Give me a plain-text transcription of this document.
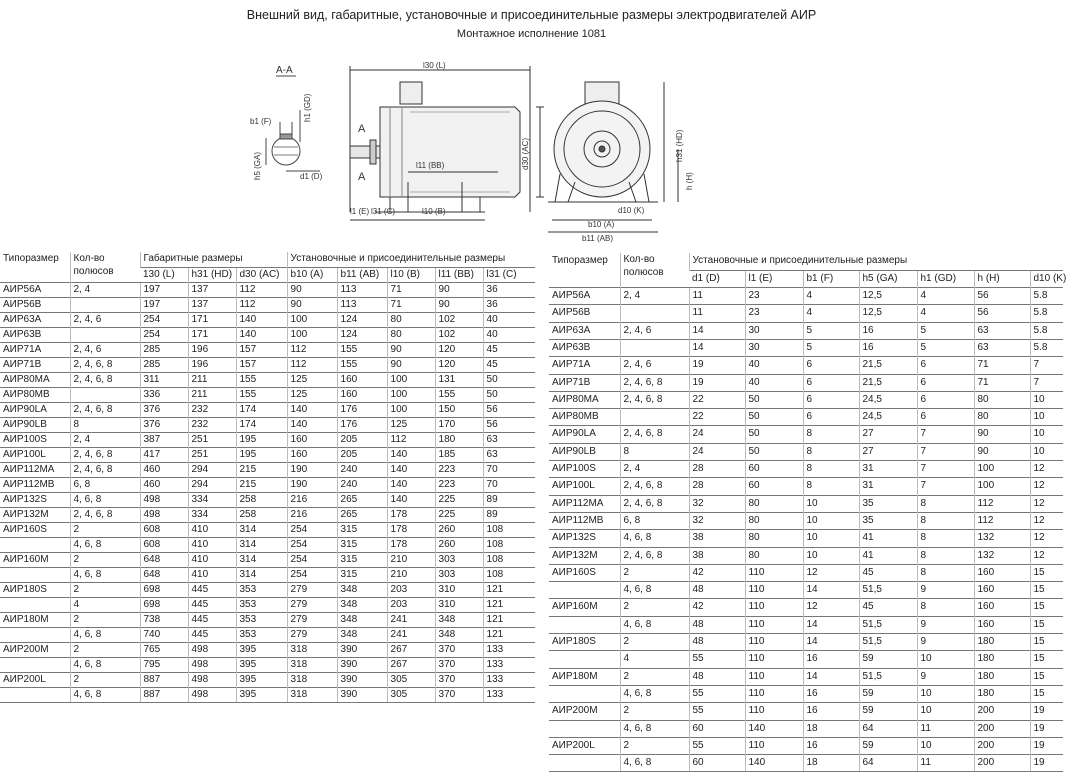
Внешний вид, габаритные, установочные и присоединительные размеры электродвигателей АИР
Монтажное исполнение 1081
А-А
b1 (F)	h1 (GD)
h5 (GA)	d1 (D)
l30 (L)
A
A
l11 (BB)	d30 (AC)
l1 (E) l31 (C)	l10 (B)
h31 (HD)
h (H)
d10 (K)
b10 (A)
b11 (AB)
Типоразмер	Кол-во полюсов	Габаритные размеры			Установочные и присоединительные размеры				
		130 (L)	h31 (HD)	d30 (AC)	b10 (A)	b11 (AB)	l10 (B)	l11 (BB)	l31 (C)
АИР56А	2, 4	197	137	112	90	113	71	90	36
АИР56В		197	137	112	90	113	71	90	36
АИР63А	2, 4, 6	254	171	140	100	124	80	102	40
АИР63В		254	171	140	100	124	80	102	40
АИР71А	2, 4, 6	285	196	157	112	155	90	120	45
АИР71В	2, 4, 6, 8	285	196	157	112	155	90	120	45
АИР80МА	2, 4, 6, 8	311	211	155	125	160	100	131	50
АИР80МВ		336	211	155	125	160	100	155	50
АИР90LA	2, 4, 6, 8	376	232	174	140	176	100	150	56
АИР90LB	8	376	232	174	140	176	125	170	56
АИР100S	2, 4	387	251	195	160	205	112	180	63
АИР100L	2, 4, 6, 8	417	251	195	160	205	140	185	63
АИР112МА	2, 4, 6, 8	460	294	215	190	240	140	223	70
АИР112МВ	6, 8	460	294	215	190	240	140	223	70
АИР132S	4, 6, 8	498	334	258	216	265	140	225	89
АИР132М	2, 4, 6, 8	498	334	258	216	265	178	225	89
АИР160S	2	608	410	314	254	315	178	260	108
	4, 6, 8	608	410	314	254	315	178	260	108
АИР160М	2	648	410	314	254	315	210	303	108
	4, 6, 8	648	410	314	254	315	210	303	108
АИР180S	2	698	445	353	279	348	203	310	121
	4	698	445	353	279	348	203	310	121
АИР180М	2	738	445	353	279	348	241	348	121
	4, 6, 8	740	445	353	279	348	241	348	121
АИР200М	2	765	498	395	318	390	267	370	133
	4, 6, 8	795	498	395	318	390	267	370	133
АИР200L	2	887	498	395	318	390	305	370	133
	4, 6, 8	887	498	395	318	390	305	370	133
Типоразмер	Кол-во полюсов	Установочные и присоединительные размеры						
		d1 (D)	l1 (E)	b1 (F)	h5 (GA)	h1 (GD)	h (H)	d10 (K)
АИР56А	2, 4	11	23	4	12,5	4	56	5.8
АИР56В		11	23	4	12,5	4	56	5.8
АИР63А	2, 4, 6	14	30	5	16	5	63	5.8
АИР63В		14	30	5	16	5	63	5.8
АИР71А	2, 4, 6	19	40	6	21,5	6	71	7
АИР71В	2, 4, 6, 8	19	40	6	21,5	6	71	7
АИР80МА	2, 4, 6, 8	22	50	6	24,5	6	80	10
АИР80МВ		22	50	6	24,5	6	80	10
АИР90LA	2, 4, 6, 8	24	50	8	27	7	90	10
АИР90LB	8	24	50	8	27	7	90	10
АИР100S	2, 4	28	60	8	31	7	100	12
АИР100L	2, 4, 6, 8	28	60	8	31	7	100	12
АИР112МА	2, 4, 6, 8	32	80	10	35	8	112	12
АИР112МВ	6, 8	32	80	10	35	8	112	12
АИР132S	4, 6, 8	38	80	10	41	8	132	12
АИР132М	2, 4, 6, 8	38	80	10	41	8	132	12
АИР160S	2	42	110	12	45	8	160	15
	4, 6, 8	48	110	14	51,5	9	160	15
АИР160М	2	42	110	12	45	8	160	15
	4, 6, 8	48	110	14	51,5	9	160	15
АИР180S	2	48	110	14	51,5	9	180	15
	4	55	110	16	59	10	180	15
АИР180М	2	48	110	14	51,5	9	180	15
	4, 6, 8	55	110	16	59	10	180	15
АИР200М	2	55	110	16	59	10	200	19
	4, 6, 8	60	140	18	64	11	200	19
АИР200L	2	55	110	16	59	10	200	19
	4, 6, 8	60	140	18	64	11	200	19
